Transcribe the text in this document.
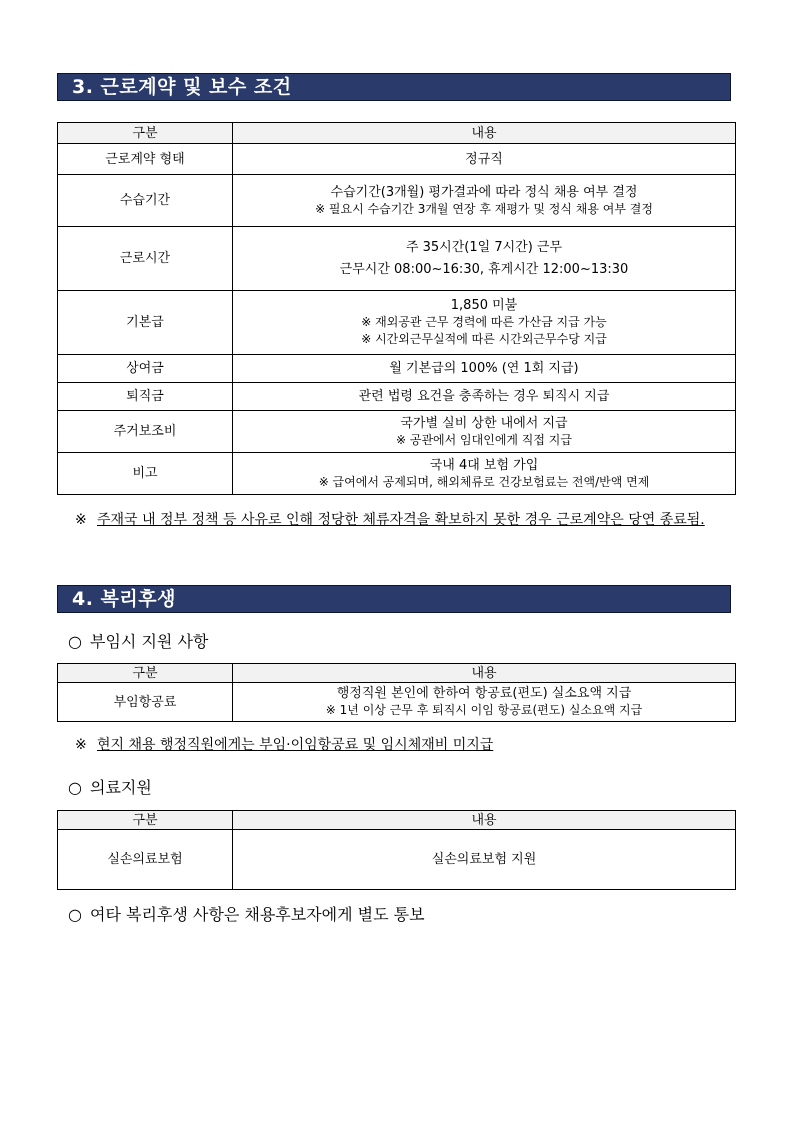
3. 근로계약 및 보수 조건
구분	내용
근로계약 형태	정규직

수습기간	수습기간(3개월) 평가결과에 따라 정식 채용 여부 결정
※ 필요시 수습기간 3개월 연장 후 재평가 및 정식 채용 여부 결정

근로시간	주 35시간(1일 7시간) 근무
근무시간 08:00~16:30, 휴게시간 12:00~13:30

기본급	1,850 미불
※ 재외공관 근무 경력에 따른 가산금 지급 가능
※ 시간외근무실적에 따른 시간외근무수당 지급

상여금	월 기본급의 100% (연 1회 지급)

퇴직금	관련 법령 요건을 충족하는 경우 퇴직시 지급

주거보조비	국가별 실비 상한 내에서 지급
※ 공관에서 임대인에게 직접 지급

비고	국내 4대 보험 가입
※ 급여에서 공제되며, 해외체류로 건강보험료는 전액/반액 면제
※ 주재국 내 정부 정책 등 사유로 인해 정당한 체류자격을 확보하지 못한 경우 근로계약은 당연 종료됨.
4. 복리후생
○ 부임시 지원 사항
구분	내용
부임항공료	행정직원 본인에 한하여 항공료(편도) 실소요액 지급
※ 1년 이상 근무 후 퇴직시 이임 항공료(편도) 실소요액 지급
※ 현지 채용 행정직원에게는 부임·이임항공료 및 임시체재비 미지급
○ 의료지원
구분	내용
실손의료보험	실손의료보험 지원
○ 여타 복리후생 사항은 채용후보자에게 별도 통보
